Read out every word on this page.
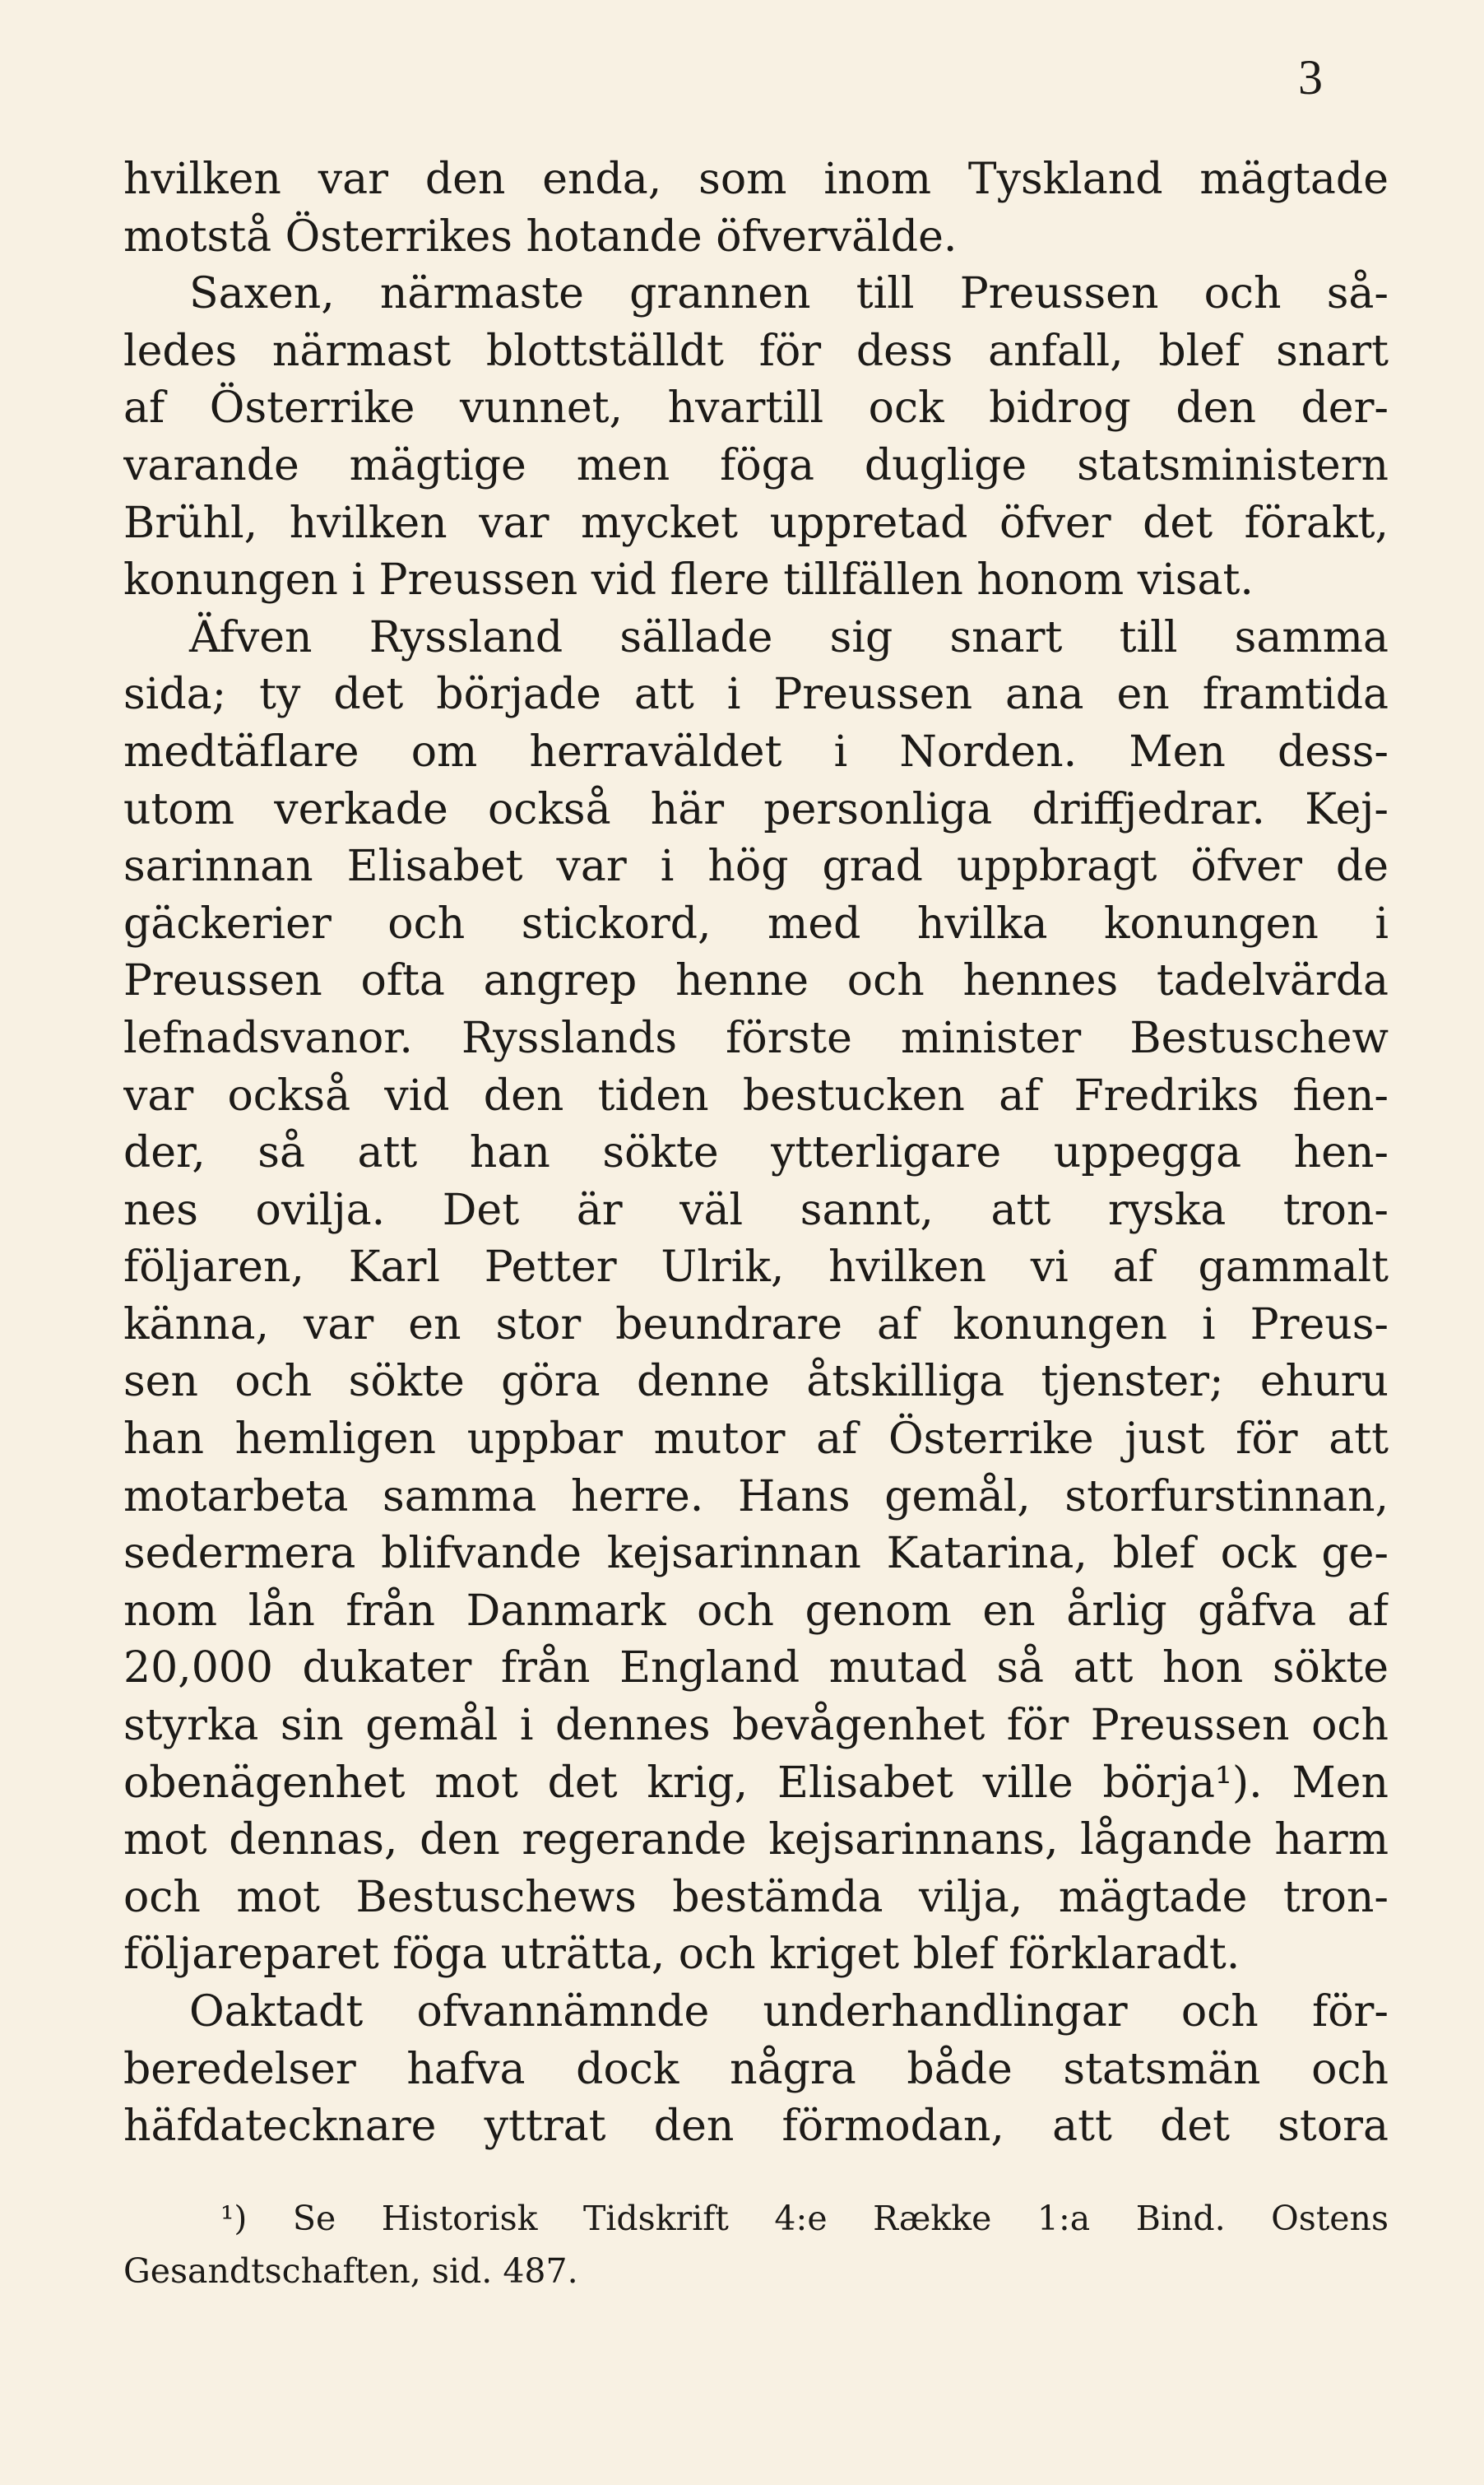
3
hvilken var den enda, som inom Tyskland mägtade
motstå Österrikes hotande öfvervälde.
Saxen, närmaste grannen till Preussen och så-
ledes närmast blottställdt för dess anfall, blef snart
af Österrike vunnet, hvartill ock bidrog den der-
varande mägtige men föga duglige statsministern
Brühl, hvilken var mycket uppretad öfver det förakt,
konungen i Preussen vid flere tillfällen honom visat.
Äfven Ryssland sällade sig snart till samma
sida; ty det började att i Preussen ana en framtida
medtäflare om herraväldet i Norden. Men dess-
utom verkade också här personliga driffjedrar. Kej-
sarinnan Elisabet var i hög grad uppbragt öfver de
gäckerier och stickord, med hvilka konungen i
Preussen ofta angrep henne och hennes tadelvärda
lefnadsvanor. Rysslands förste minister Bestuschew
var också vid den tiden bestucken af Fredriks fien-
der, så att han sökte ytterligare uppegga hen-
nes ovilja. Det är väl sannt, att ryska tron-
följaren, Karl Petter Ulrik, hvilken vi af gammalt
känna, var en stor beundrare af konungen i Preus-
sen och sökte göra denne åtskilliga tjenster; ehuru
han hemligen uppbar mutor af Österrike just för att
motarbeta samma herre. Hans gemål, storfurstinnan,
sedermera blifvande kejsarinnan Katarina, blef ock ge-
nom lån från Danmark och genom en årlig gåfva af
20,000 dukater från England mutad så att hon sökte
styrka sin gemål i dennes bevågenhet för Preussen och
obenägenhet mot det krig, Elisabet ville börja¹). Men
mot dennas, den regerande kejsarinnans, lågande harm
och mot Bestuschews bestämda vilja, mägtade tron-
följareparet föga uträtta, och kriget blef förklaradt.
Oaktadt ofvannämnde underhandlingar och för-
beredelser hafva dock några både statsmän och
häfdatecknare yttrat den förmodan, att det stora
¹) Se Historisk Tidskrift 4:e Række 1:a Bind. Ostens
Gesandtschaften, sid. 487.
